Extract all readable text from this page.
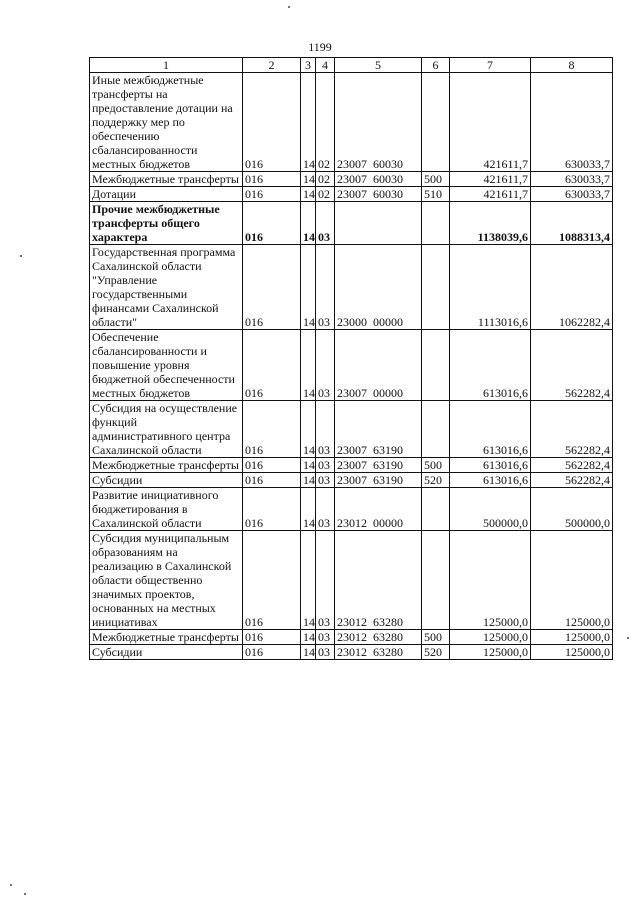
1199
1	2	3	4	5	6	7	8
Иные межбюджетные трансферты на предоставление дотации на поддержку мер по обеспечению сбалансированности местных бюджетов	016	14	02	23007  60030		421611,7	630033,7
Межбюджетные трансферты	016	14	02	23007  60030	500	421611,7	630033,7
Дотации	016	14	02	23007  60030	510	421611,7	630033,7
Прочие межбюджетные трансферты общего характера	016	14	03			1138039,6	1088313,4
Государственная программа Сахалинской области "Управление государственными финансами Сахалинской области"	016	14	03	23000  00000		1113016,6	1062282,4
Обеспечение сбалансированности и повышение уровня бюджетной обеспеченности местных бюджетов	016	14	03	23007  00000		613016,6	562282,4
Субсидия на осуществление функций административного центра Сахалинской области	016	14	03	23007  63190		613016,6	562282,4
Межбюджетные трансферты	016	14	03	23007  63190	500	613016,6	562282,4
Субсидии	016	14	03	23007  63190	520	613016,6	562282,4
Развитие инициативного бюджетирования в Сахалинской области	016	14	03	23012  00000		500000,0	500000,0
Субсидия муниципальным образованиям на реализацию в Сахалинской области общественно значимых проектов, основанных на местных инициативах	016	14	03	23012  63280		125000,0	125000,0
Межбюджетные трансферты	016	14	03	23012  63280	500	125000,0	125000,0
Субсидии	016	14	03	23012  63280	520	125000,0	125000,0
